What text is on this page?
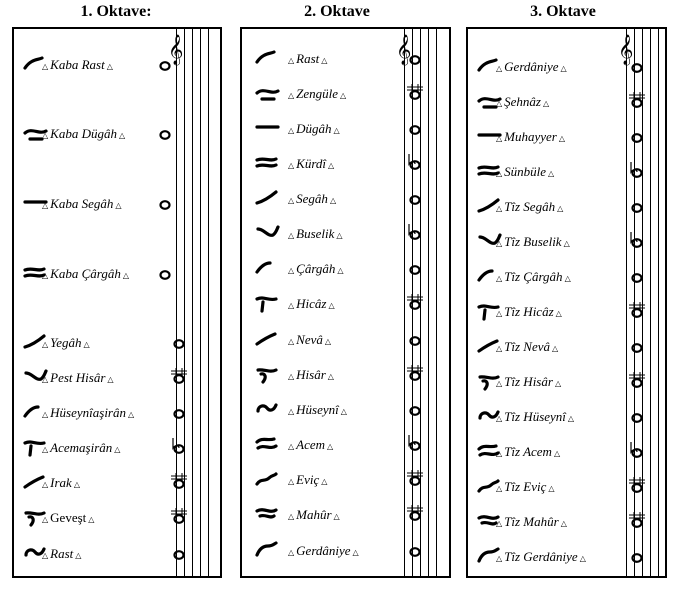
1. Oktave:	2. Oktave	3. Oktave
𝄞
△ Kaba Rast △
△ Kaba Dügâh △
△ Kaba Segâh △
△ Kaba Çârgâh △
△ Yegâh △
△ Pest Hisâr △
△ Hüseynîaşirân △
△ Acemaşirân △
△ Irak △
△ Geveşt △
△ Rast △
𝄞
△ Rast △
△ Zengüle △
△ Dügâh △
△ Kürdî △
△ Segâh △
△ Buselik △
△ Çârgâh △
△ Hicâz △
△ Nevâ △
△ Hisâr △
△ Hüseynî △
△ Acem △
△ Eviç △
△ Mahûr △
△ Gerdâniye △
𝄞
△ Gerdâniye △
△ Şehnâz △
△ Muhayyer △
△ Sünbüle △
△ Tîz Segâh △
△ Tîz Buselik △
△ Tîz Çârgâh △
△ Tîz Hicâz △
△ Tîz Nevâ △
△ Tîz Hisâr △
△ Tîz Hüseynî △
△ Tîz Acem △
△ Tîz Eviç △
△ Tîz Mahûr △
△ Tîz Gerdâniye △
